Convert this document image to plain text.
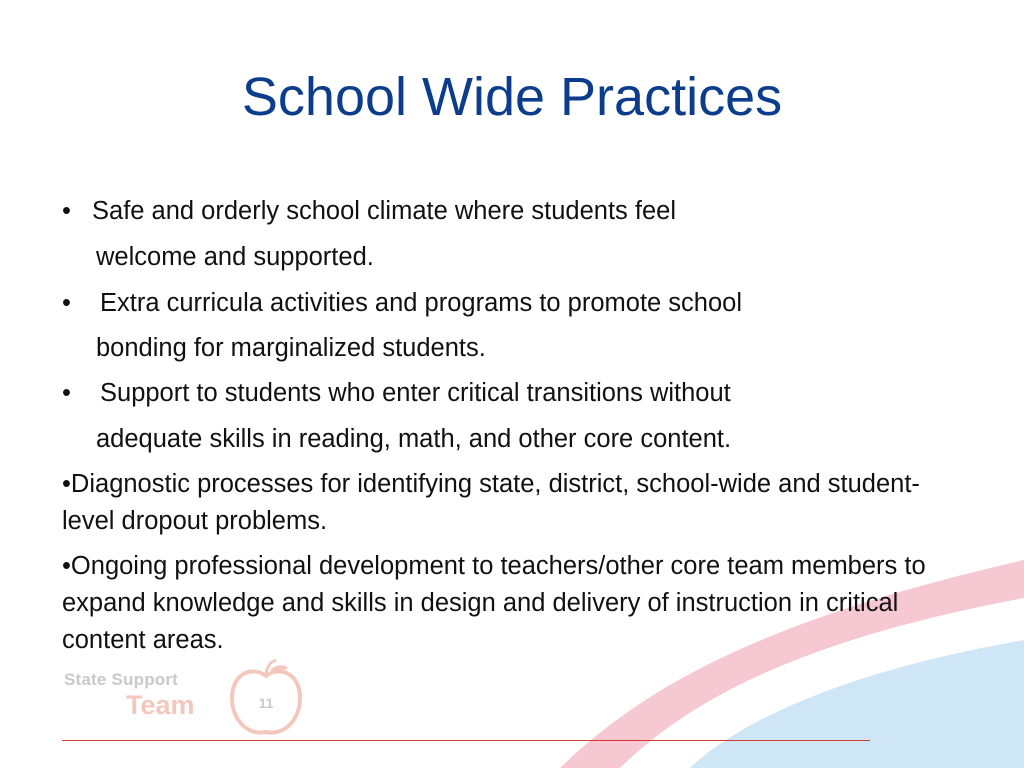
School Wide Practices
• Safe and orderly school climate where students feel
welcome and supported.
• Extra curricula activities and programs to promote school
bonding for marginalized students.
• Support to students who enter critical transitions without
adequate skills in reading, math, and other core content.
•Diagnostic processes for identifying state, district, school-wide and student-level dropout problems.
•Ongoing professional development to teachers/other core team members to expand knowledge and skills in design and delivery of instruction in critical content areas.
State Support
Team	11
